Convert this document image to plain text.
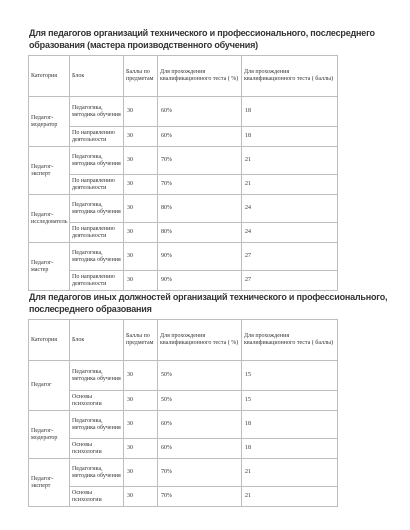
Для педагогов организаций технического и профессионального, послесреднего образования (мастера производственного обучения)
Категория	Блок	Баллы по предметам	Для прохождения квалификационного теста ( %)	Для прохождения квалификационного теста ( баллы)
Педагог-модератор	Педагогика, методика обучения	30	60%	18
	По направлению деятельности	30	60%	18
Педагог-эксперт	Педагогика, методика обучения	30	70%	21
	По направлению деятельности	30	70%	21
Педагог-исследователь	Педагогика, методика обучения	30	80%	24
	По направлению деятельности	30	80%	24
Педагог-мастер	Педагогика, методика обучения	30	90%	27
	По направлению деятельности	30	90%	27
Для педагогов иных должностей организаций технического и профессионального, послесреднего образования
Категория	Блок	Баллы по предметам	Для прохождения квалификационного теста ( %)	Для прохождения квалификационного теста ( баллы)
Педагог	Педагогика, методика обучения	30	50%	15
	Основы психологии	30	50%	15
Педагог-модератор	Педагогика, методика обучения	30	60%	18
	Основы психологии	30	60%	18
Педагог-эксперт	Педагогика, методика обучения	30	70%	21
	Основы психологии	30	70%	21
